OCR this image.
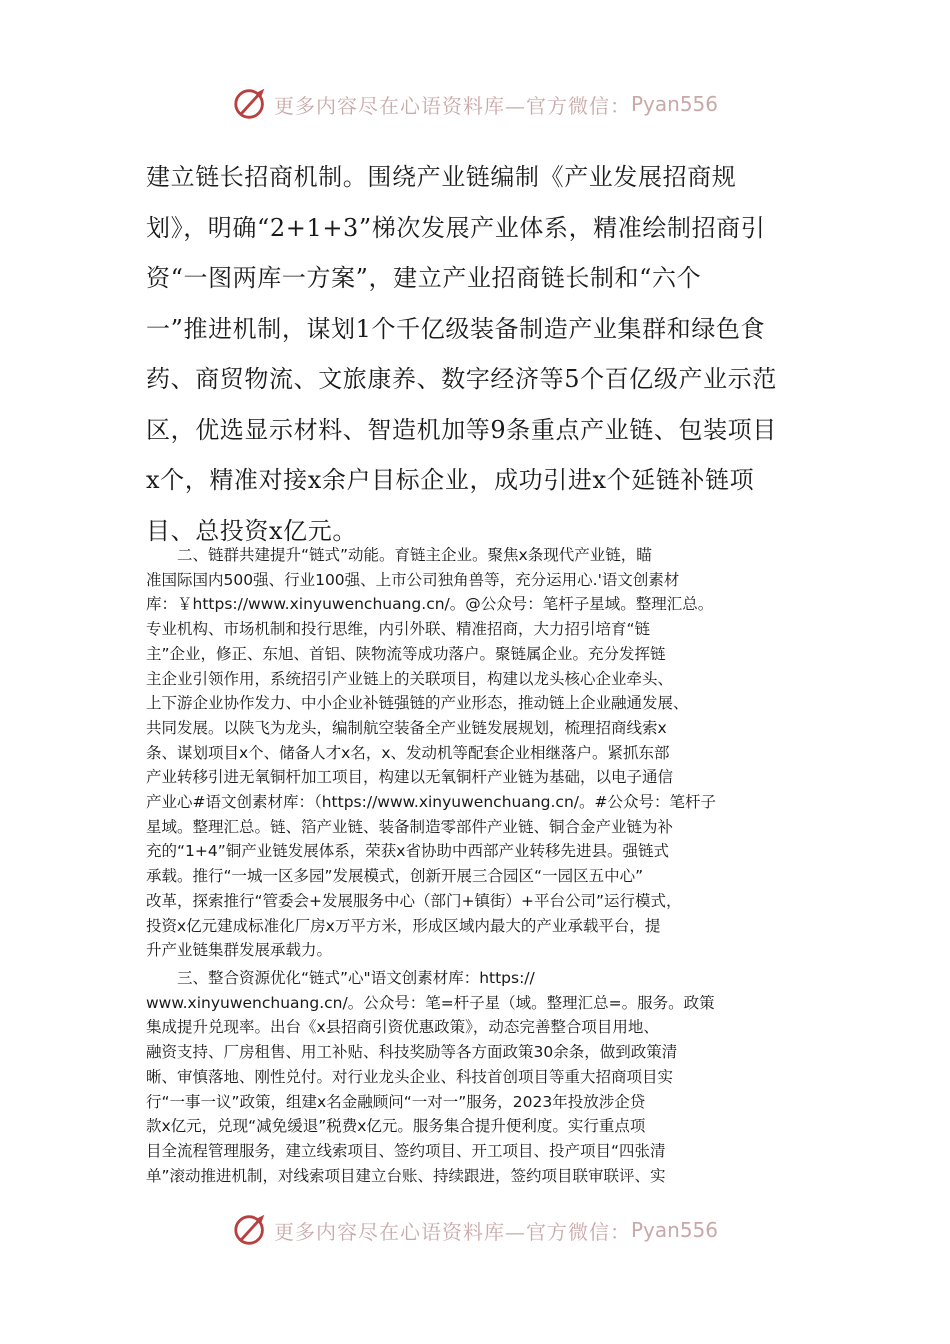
更多内容尽在心语资料库—官方微信： Pyan556

建立链长招商机制。围绕产业链编制《产业发展招商规
划》，明确“2+1+3”梯次发展产业体系，精准绘制招商引
资“一图两库一方案”，建立产业招商链长制和“六个
一”推进机制，谋划1个千亿级装备制造产业集群和绿色食
药、商贸物流、文旅康养、数字经济等5个百亿级产业示范
区，优选显示材料、智造机加等9条重点产业链、包装项目
x个，精准对接x余户目标企业，成功引进x个延链补链项
目、总投资x亿元。

　　二、链群共建提升“链式”动能。育链主企业。聚焦x条现代产业链，瞄
准国际国内500强、行业100强、上市公司独角兽等，充分运用心.'语文创素材
库：￥https://www.xinyuwenchuang.cn/。@公众号：笔杆子星域。整理汇总。
专业机构、市场机制和投行思维，内引外联、精准招商，大力招引培育“链
主”企业，修正、东旭、首铝、陕物流等成功落户。聚链属企业。充分发挥链
主企业引领作用，系统招引产业链上的关联项目，构建以龙头核心企业牵头、
上下游企业协作发力、中小企业补链强链的产业形态，推动链上企业融通发展、
共同发展。以陕飞为龙头，编制航空装备全产业链发展规划，梳理招商线索x
条、谋划项目x个、储备人才x名，x、发动机等配套企业相继落户。紧抓东部
产业转移引进无氧铜杆加工项目，构建以无氧铜杆产业链为基础，以电子通信
产业心#语文创素材库：（https://www.xinyuwenchuang.cn/。#公众号：笔杆子
星域。整理汇总。链、箔产业链、装备制造零部件产业链、铜合金产业链为补
充的“1+4”铜产业链发展体系，荣获x省协助中西部产业转移先进县。强链式
承载。推行“一城一区多园”发展模式，创新开展三合园区“一园区五中心”
改革，探索推行“管委会+发展服务中心（部门+镇街）+平台公司”运行模式，
投资x亿元建成标准化厂房x万平方米，形成区域内最大的产业承载平台，提
升产业链集群发展承载力。

　　三、整合资源优化“链式”心"语文创素材库：https://
www.xinyuwenchuang.cn/。公众号：笔=杆子星（域。整理汇总=。服务。政策
集成提升兑现率。出台《x县招商引资优惠政策》，动态完善整合项目用地、
融资支持、厂房租售、用工补贴、科技奖励等各方面政策30余条，做到政策清
晰、审慎落地、刚性兑付。对行业龙头企业、科技首创项目等重大招商项目实
行“一事一议”政策，组建x名金融顾问“一对一”服务，2023年投放涉企贷
款x亿元，兑现“减免缓退”税费x亿元。服务集合提升便利度。实行重点项
目全流程管理服务，建立线索项目、签约项目、开工项目、投产项目“四张清
单”滚动推进机制，对线索项目建立台账、持续跟进，签约项目联审联评、实

更多内容尽在心语资料库—官方微信： Pyan556
